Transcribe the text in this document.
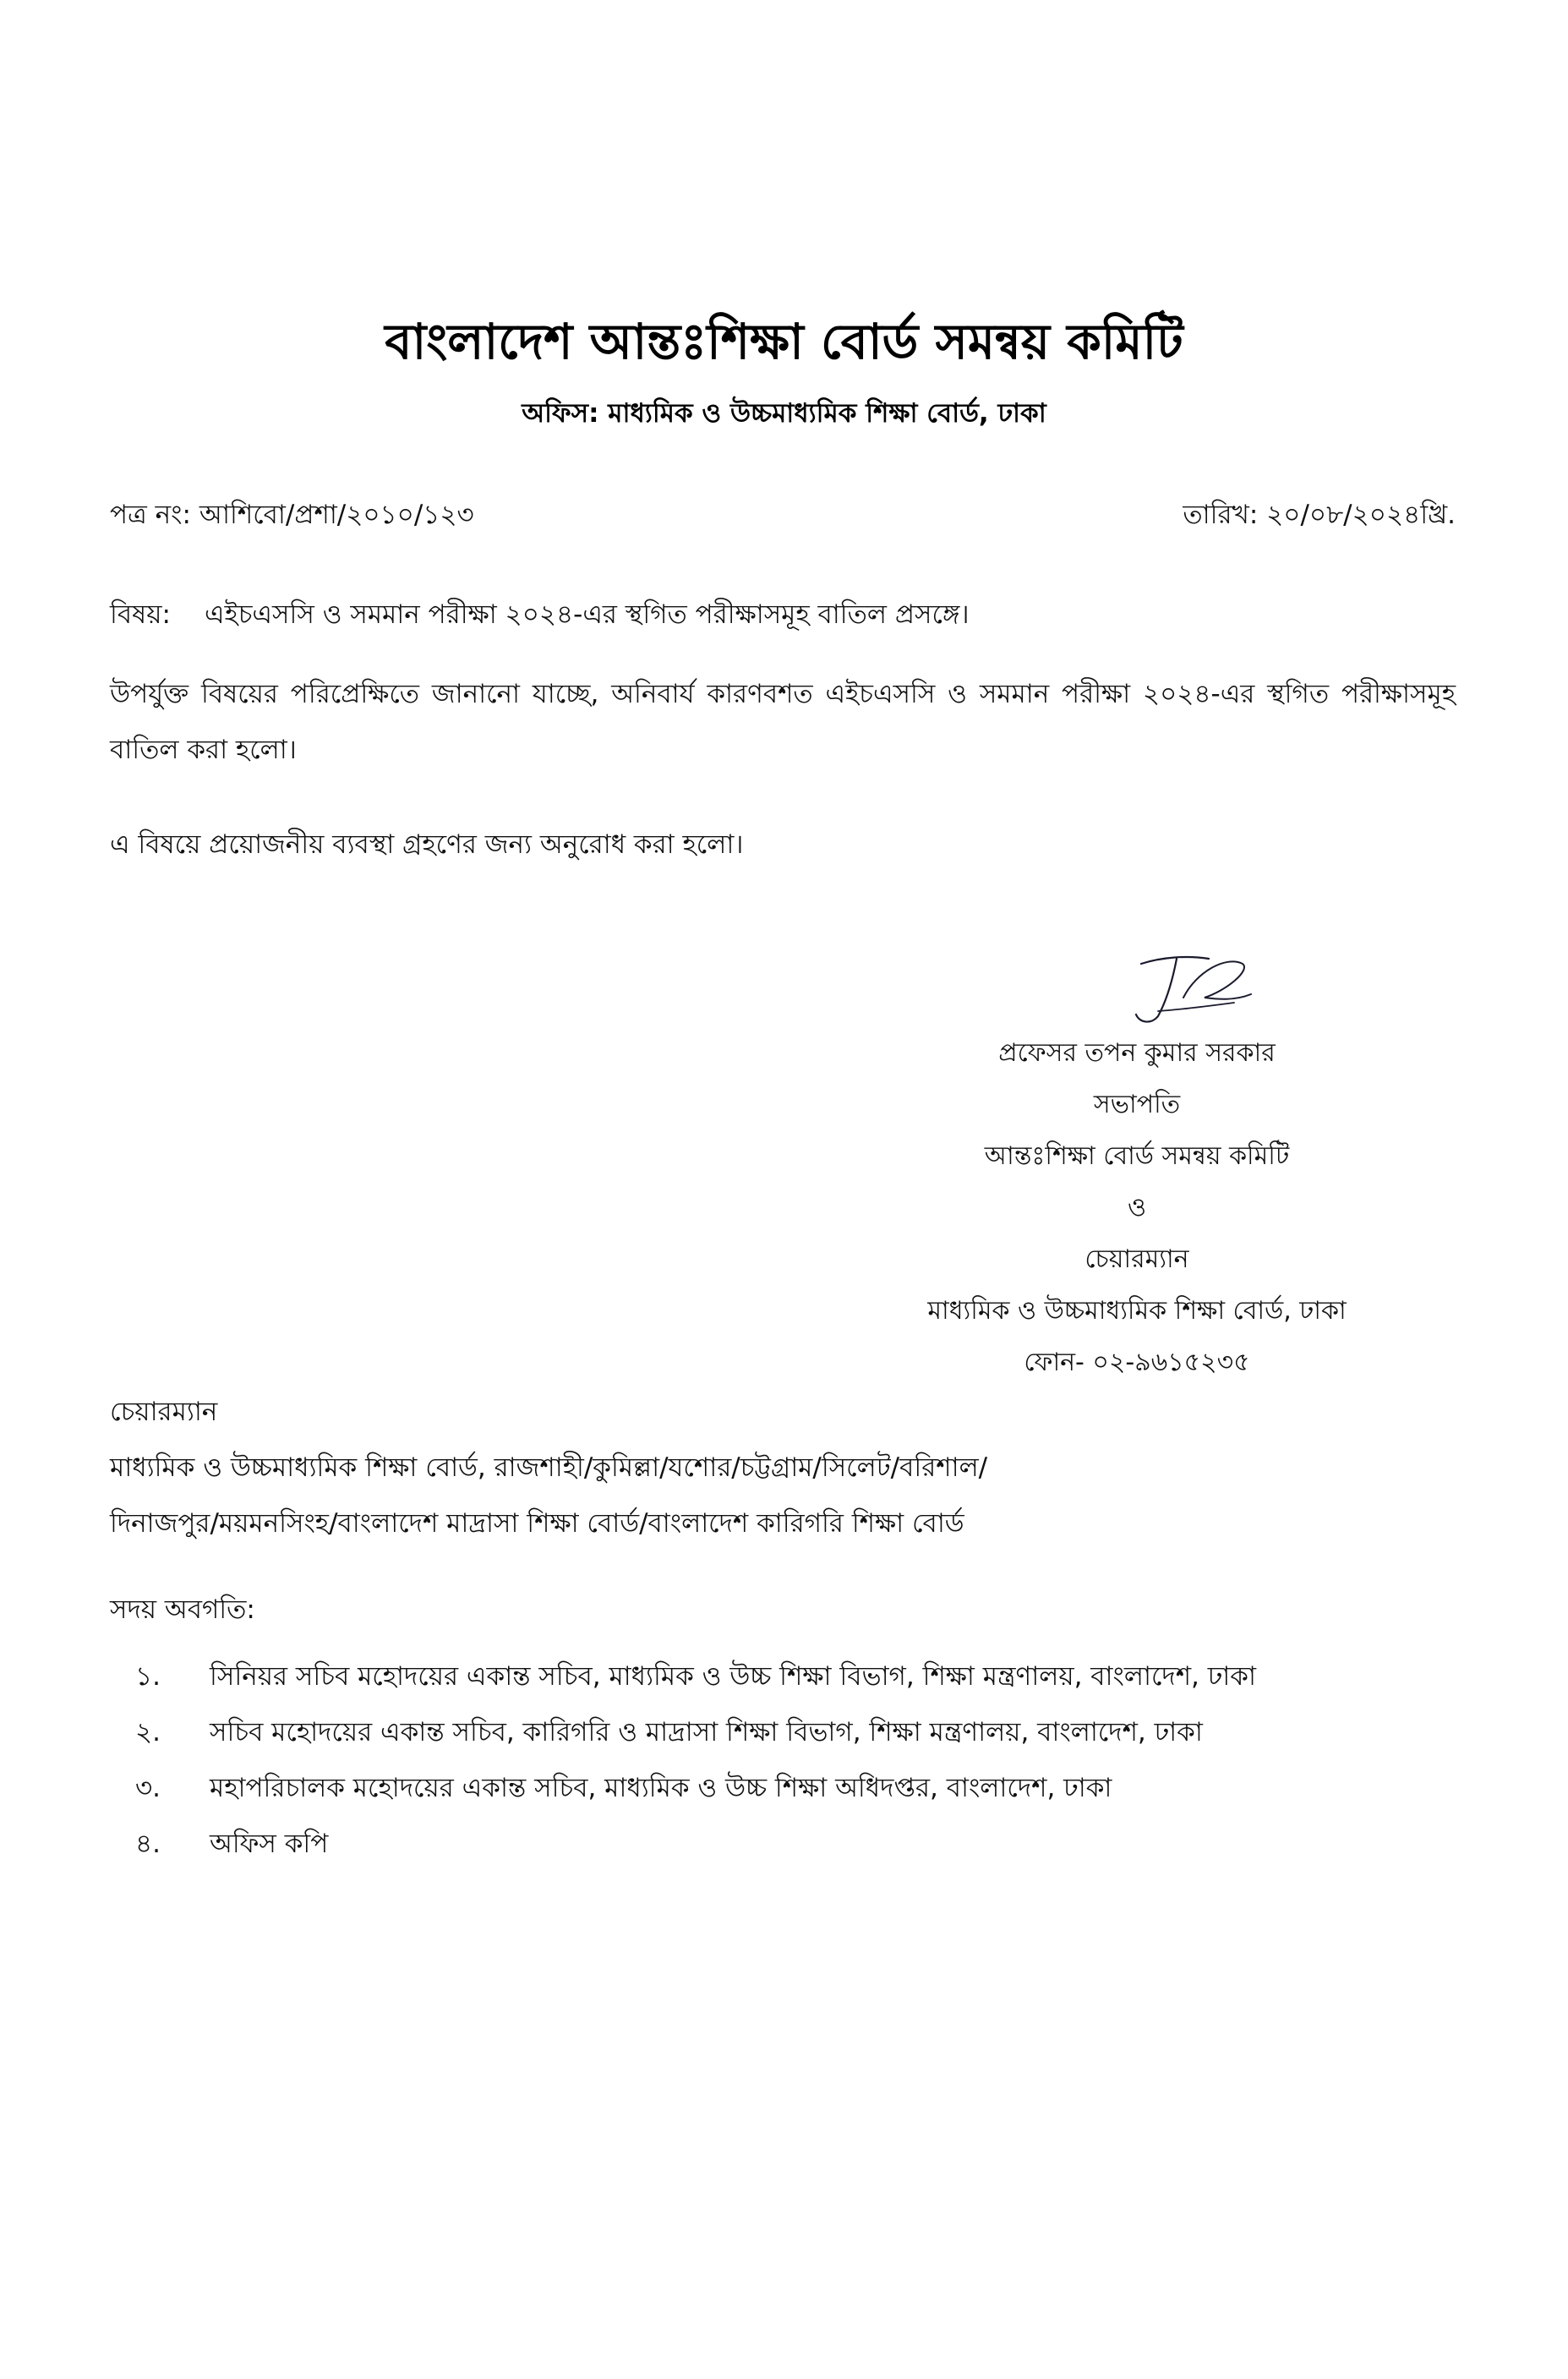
বাংলাদেশ আন্তঃশিক্ষা বোর্ড সমন্বয় কমিটি
অফিস: মাধ্যমিক ও উচ্চমাধ্যমিক শিক্ষা বোর্ড, ঢাকা
পত্র নং: আশিবো/প্রশা/২০১০/১২৩	তারিখ: ২০/০৮/২০২৪খ্রি.
বিষয়: এইচএসসি ও সমমান পরীক্ষা ২০২৪-এর স্থগিত পরীক্ষাসমূহ বাতিল প্রসঙ্গে।
উপর্যুক্ত বিষয়ের পরিপ্রেক্ষিতে জানানো যাচ্ছে, অনিবার্য কারণবশত এইচএসসি ও সমমান পরীক্ষা ২০২৪-এর স্থগিত পরীক্ষাসমূহ বাতিল করা হলো।
এ বিষয়ে প্রয়োজনীয় ব্যবস্থা গ্রহণের জন্য অনুরোধ করা হলো।
প্রফেসর তপন কুমার সরকার
সভাপতি
আন্তঃশিক্ষা বোর্ড সমন্বয় কমিটি
ও
চেয়ারম্যান
মাধ্যমিক ও উচ্চমাধ্যমিক শিক্ষা বোর্ড, ঢাকা
ফোন- ০২-৯৬১৫২৩৫
চেয়ারম্যান
মাধ্যমিক ও উচ্চমাধ্যমিক শিক্ষা বোর্ড, রাজশাহী/কুমিল্লা/যশোর/চট্টগ্রাম/সিলেট/বরিশাল/
দিনাজপুর/ময়মনসিংহ/বাংলাদেশ মাদ্রাসা শিক্ষা বোর্ড/বাংলাদেশ কারিগরি শিক্ষা বোর্ড
সদয় অবগতি:
১. সিনিয়র সচিব মহোদয়ের একান্ত সচিব, মাধ্যমিক ও উচ্চ শিক্ষা বিভাগ, শিক্ষা মন্ত্রণালয়, বাংলাদেশ, ঢাকা
২. সচিব মহোদয়ের একান্ত সচিব, কারিগরি ও মাদ্রাসা শিক্ষা বিভাগ, শিক্ষা মন্ত্রণালয়, বাংলাদেশ, ঢাকা
৩. মহাপরিচালক মহোদয়ের একান্ত সচিব, মাধ্যমিক ও উচ্চ শিক্ষা অধিদপ্তর, বাংলাদেশ, ঢাকা
৪. অফিস কপি
